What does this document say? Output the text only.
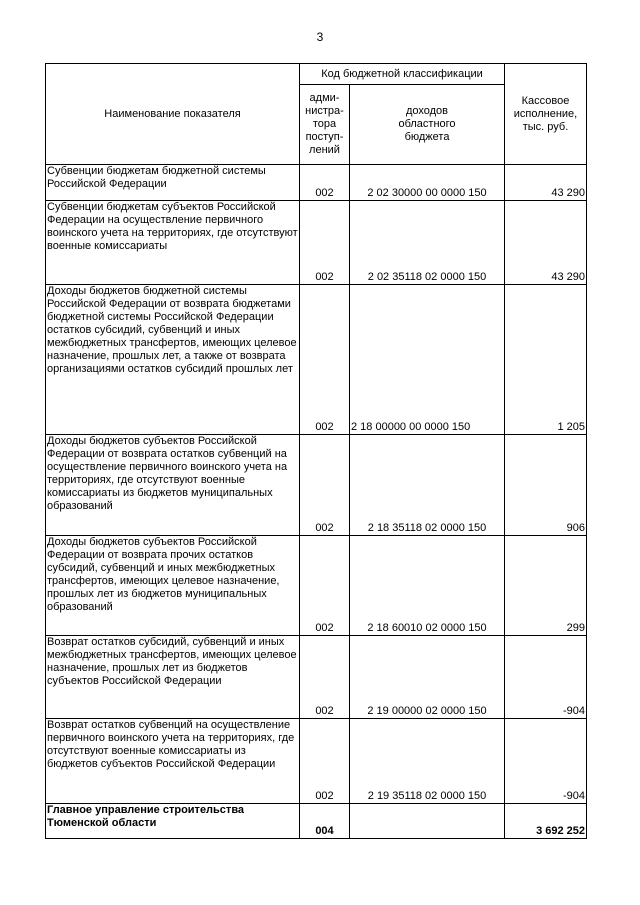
3
Наименование показателя	Код бюджетной классификации		Кассовое
исполнение,
тыс. руб.
	адми-
нистра-
тора
поступ-
лений	доходов
областного
бюджета	
Субвенции бюджетам бюджетной системы Российской Федерации	002	2 02 30000 00 0000 150	43 290
Субвенции бюджетам субъектов Российской Федерации на осуществление первичного воинского учета на территориях, где отсутствуют военные комиссариаты	002	2 02 35118 02 0000 150	43 290
Доходы бюджетов бюджетной системы Российской Федерации от возврата бюджетами бюджетной системы Российской Федерации остатков субсидий, субвенций и иных межбюджетных трансфертов, имеющих целевое назначение, прошлых лет, а также от возврата организациями остатков субсидий прошлых лет	002	2 18 00000 00 0000 150	1 205
Доходы бюджетов субъектов Российской Федерации от возврата остатков субвенций на осуществление первичного воинского учета на территориях, где отсутствуют военные комиссариаты из бюджетов муниципальных образований	002	2 18 35118 02 0000 150	906
Доходы бюджетов субъектов Российской Федерации от возврата прочих остатков субсидий, субвенций и иных межбюджетных трансфертов, имеющих целевое назначение, прошлых лет из бюджетов муниципальных образований	002	2 18 60010 02 0000 150	299
Возврат остатков субсидий, субвенций и иных межбюджетных трансфертов, имеющих целевое назначение, прошлых лет из бюджетов субъектов Российской Федерации	002	2 19 00000 02 0000 150	-904
Возврат остатков субвенций на осуществление первичного воинского учета на территориях, где отсутствуют военные комиссариаты из бюджетов субъектов Российской Федерации	002	2 19 35118 02 0000 150	-904
Главное управление строительства Тюменской области	004		3 692 252
